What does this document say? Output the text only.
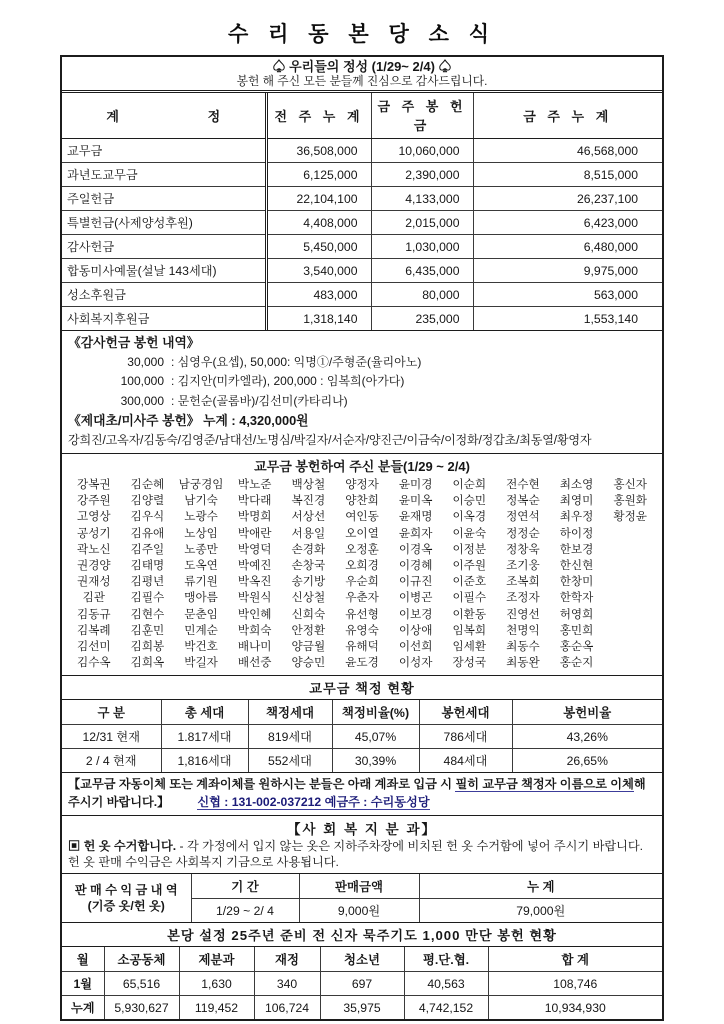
수 리 동 본 당 소 식
♤ 우리들의 정성 (1/29~ 2/4) ♤
봉헌 해 주신 모든 분들께 진심으로 감사드립니다.
계 정	전 주 누 계	금 주 봉 헌 금	금 주 누 계
교무금	36,508,000	10,060,000	46,568,000
과년도교무금	6,125,000	2,390,000	8,515,000
주일헌금	22,104,100	4,133,000	26,237,100
특별헌금(사제양성후원)	4,408,000	2,015,000	6,423,000
감사헌금	5,450,000	1,030,000	6,480,000
합동미사예물(설날 143세대)	3,540,000	6,435,000	9,975,000
성소후원금	483,000	80,000	563,000
사회복지후원금	1,318,140	235,000	1,553,140
《감사헌금 봉헌 내역》
30,000 : 심영우(요셉), 50,000: 익명①/주형준(율리아노)
100,000 : 김지안(미카엘라), 200,000 : 임복희(아가다)
300,000 : 문헌순(골롬바)/김선미(카타리나)
《제대초/미사주 봉헌》 누계 : 4,320,000원
강희진/고옥자/김동숙/김영준/남대선/노명심/박길자/서순자/양진근/이금숙/이정화/정갑초/최동열/황영자
교무금 봉헌하여 주신 분들(1/29 ~ 2/4)
강복권	김순혜	남궁경임	박노준	백상철	양정자	윤미경	이순희	전수현	최소영	홍신자
강주원	김양렬	남기숙	박다래	복진경	양찬희	윤미옥	이승민	정복순	최영미	홍원화
고영상	김우식	노광수	박명희	서상선	여인동	윤재명	이옥경	정연석	최우정	황정윤
공성기	김유애	노상임	박애란	서용일	오이열	윤희자	이윤숙	정정순	하이정
곽노신	김주일	노종만	박영덕	손경화	오정훈	이경옥	이정분	정창욱	한보경
권경양	김태명	도옥연	박예진	손창국	오희경	이경혜	이주원	조기웅	한신현
권재성	김평년	류기원	박옥진	송기방	우순희	이규진	이준호	조복희	한창미
김관	김필수	맹아름	박원식	신상철	우춘자	이병곤	이필수	조정자	한학자
김동규	김현수	문춘임	박인혜	신희숙	유선형	이보경	이환동	진영선	허영희
김복례	김훈민	민계순	박희숙	안정환	유영숙	이상애	임복희	천명익	홍민희
김선미	김희봉	박건호	배나미	양금월	유해덕	이선희	임세환	최동수	홍순옥
김수옥	김희옥	박길자	배선중	양승민	윤도경	이성자	장성국	최동완	홍순지
교무금 책정 현황
구 분	총 세대	책정세대	책정비율(%)	봉헌세대	봉헌비율
12/31 현재	1.817세대	819세대	45,07%	786세대	43,26%
2 / 4 현재	1,816세대	552세대	30,39%	484세대	26,65%
【교무금 자동이체 또는 계좌이체를 원하시는 분들은 아래 계좌로 입금 시 필히 교무금 책정자 이름으로 이체해 주시기 바랍니다.】 신협 : 131-002-037212 예금주 : 수리동성당
【사 회 복 지 분 과】
▣ 헌 옷 수거합니다. - 각 가정에서 입지 않는 옷은 지하주차장에 비치된 헌 옷 수거함에 넣어 주시기 바랍니다. 헌 옷 판매 수익금은 사회복지 기금으로 사용됩니다.
판 매 수 익 금 내 역
(기증 옷/헌 옷)	기 간	판매금액	누 계
	1/29 ~ 2/ 4	9,000원	79,000원
본당 설정 25주년 준비 전 신자 묵주기도 1,000 만단 봉헌 현황
월	소공동체	제분과	재정	청소년	평.단.협.	합 계
1월	65,516	1,630	340	697	40,563	108,746
누계	5,930,627	119,452	106,724	35,975	4,742,152	10,934,930
